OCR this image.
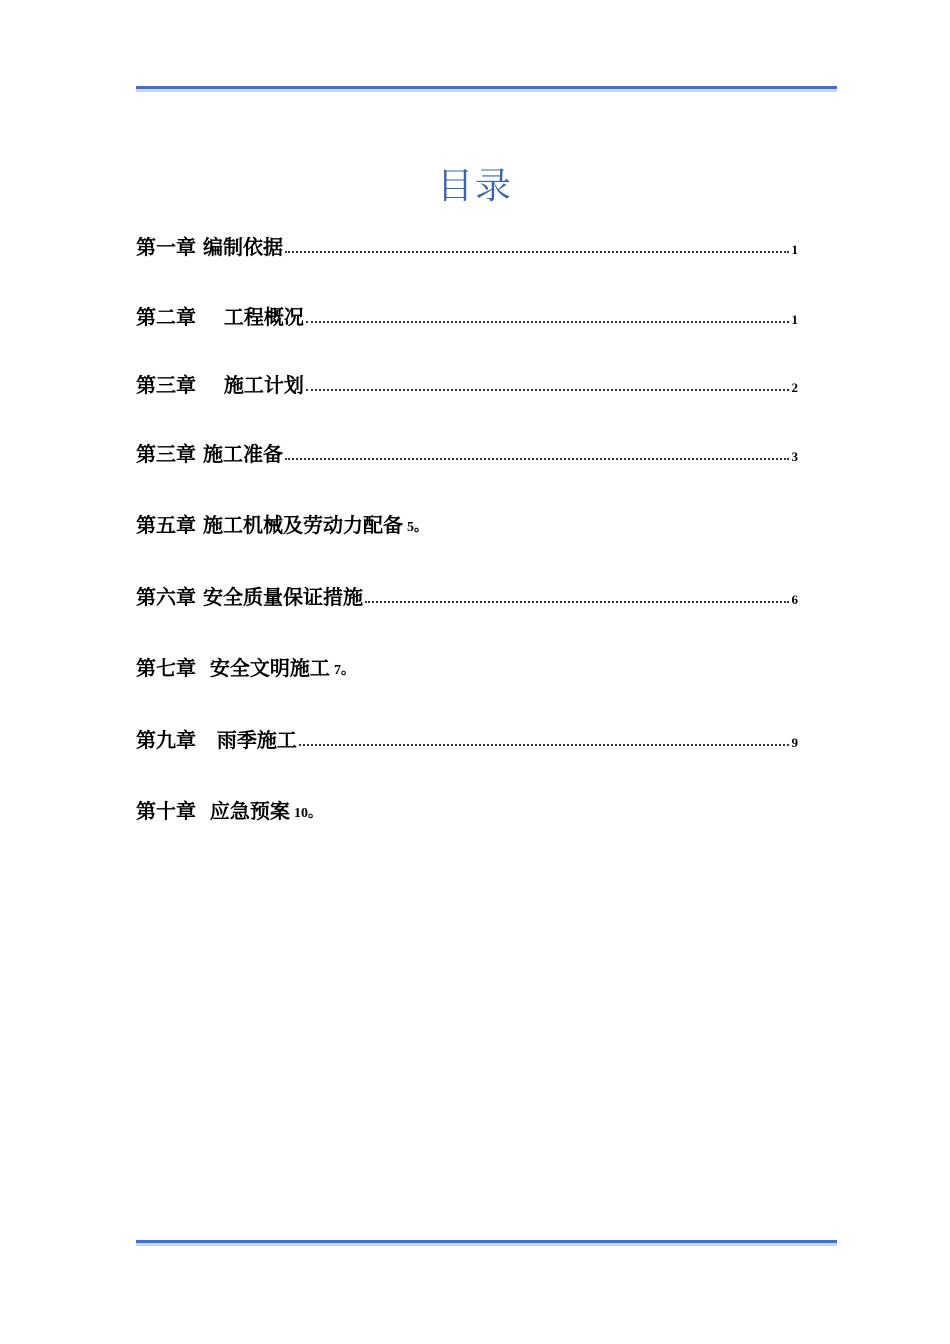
目录
第一章 编制依据	1
第二章    工程概况	1
第三章    施工计划	2
第三章 施工准备	3
第五章 施工机械及劳动力配备 5。
第六章 安全质量保证措施	6
第七章  安全文明施工 7。
第九章   雨季施工	9
第十章  应急预案 10。
